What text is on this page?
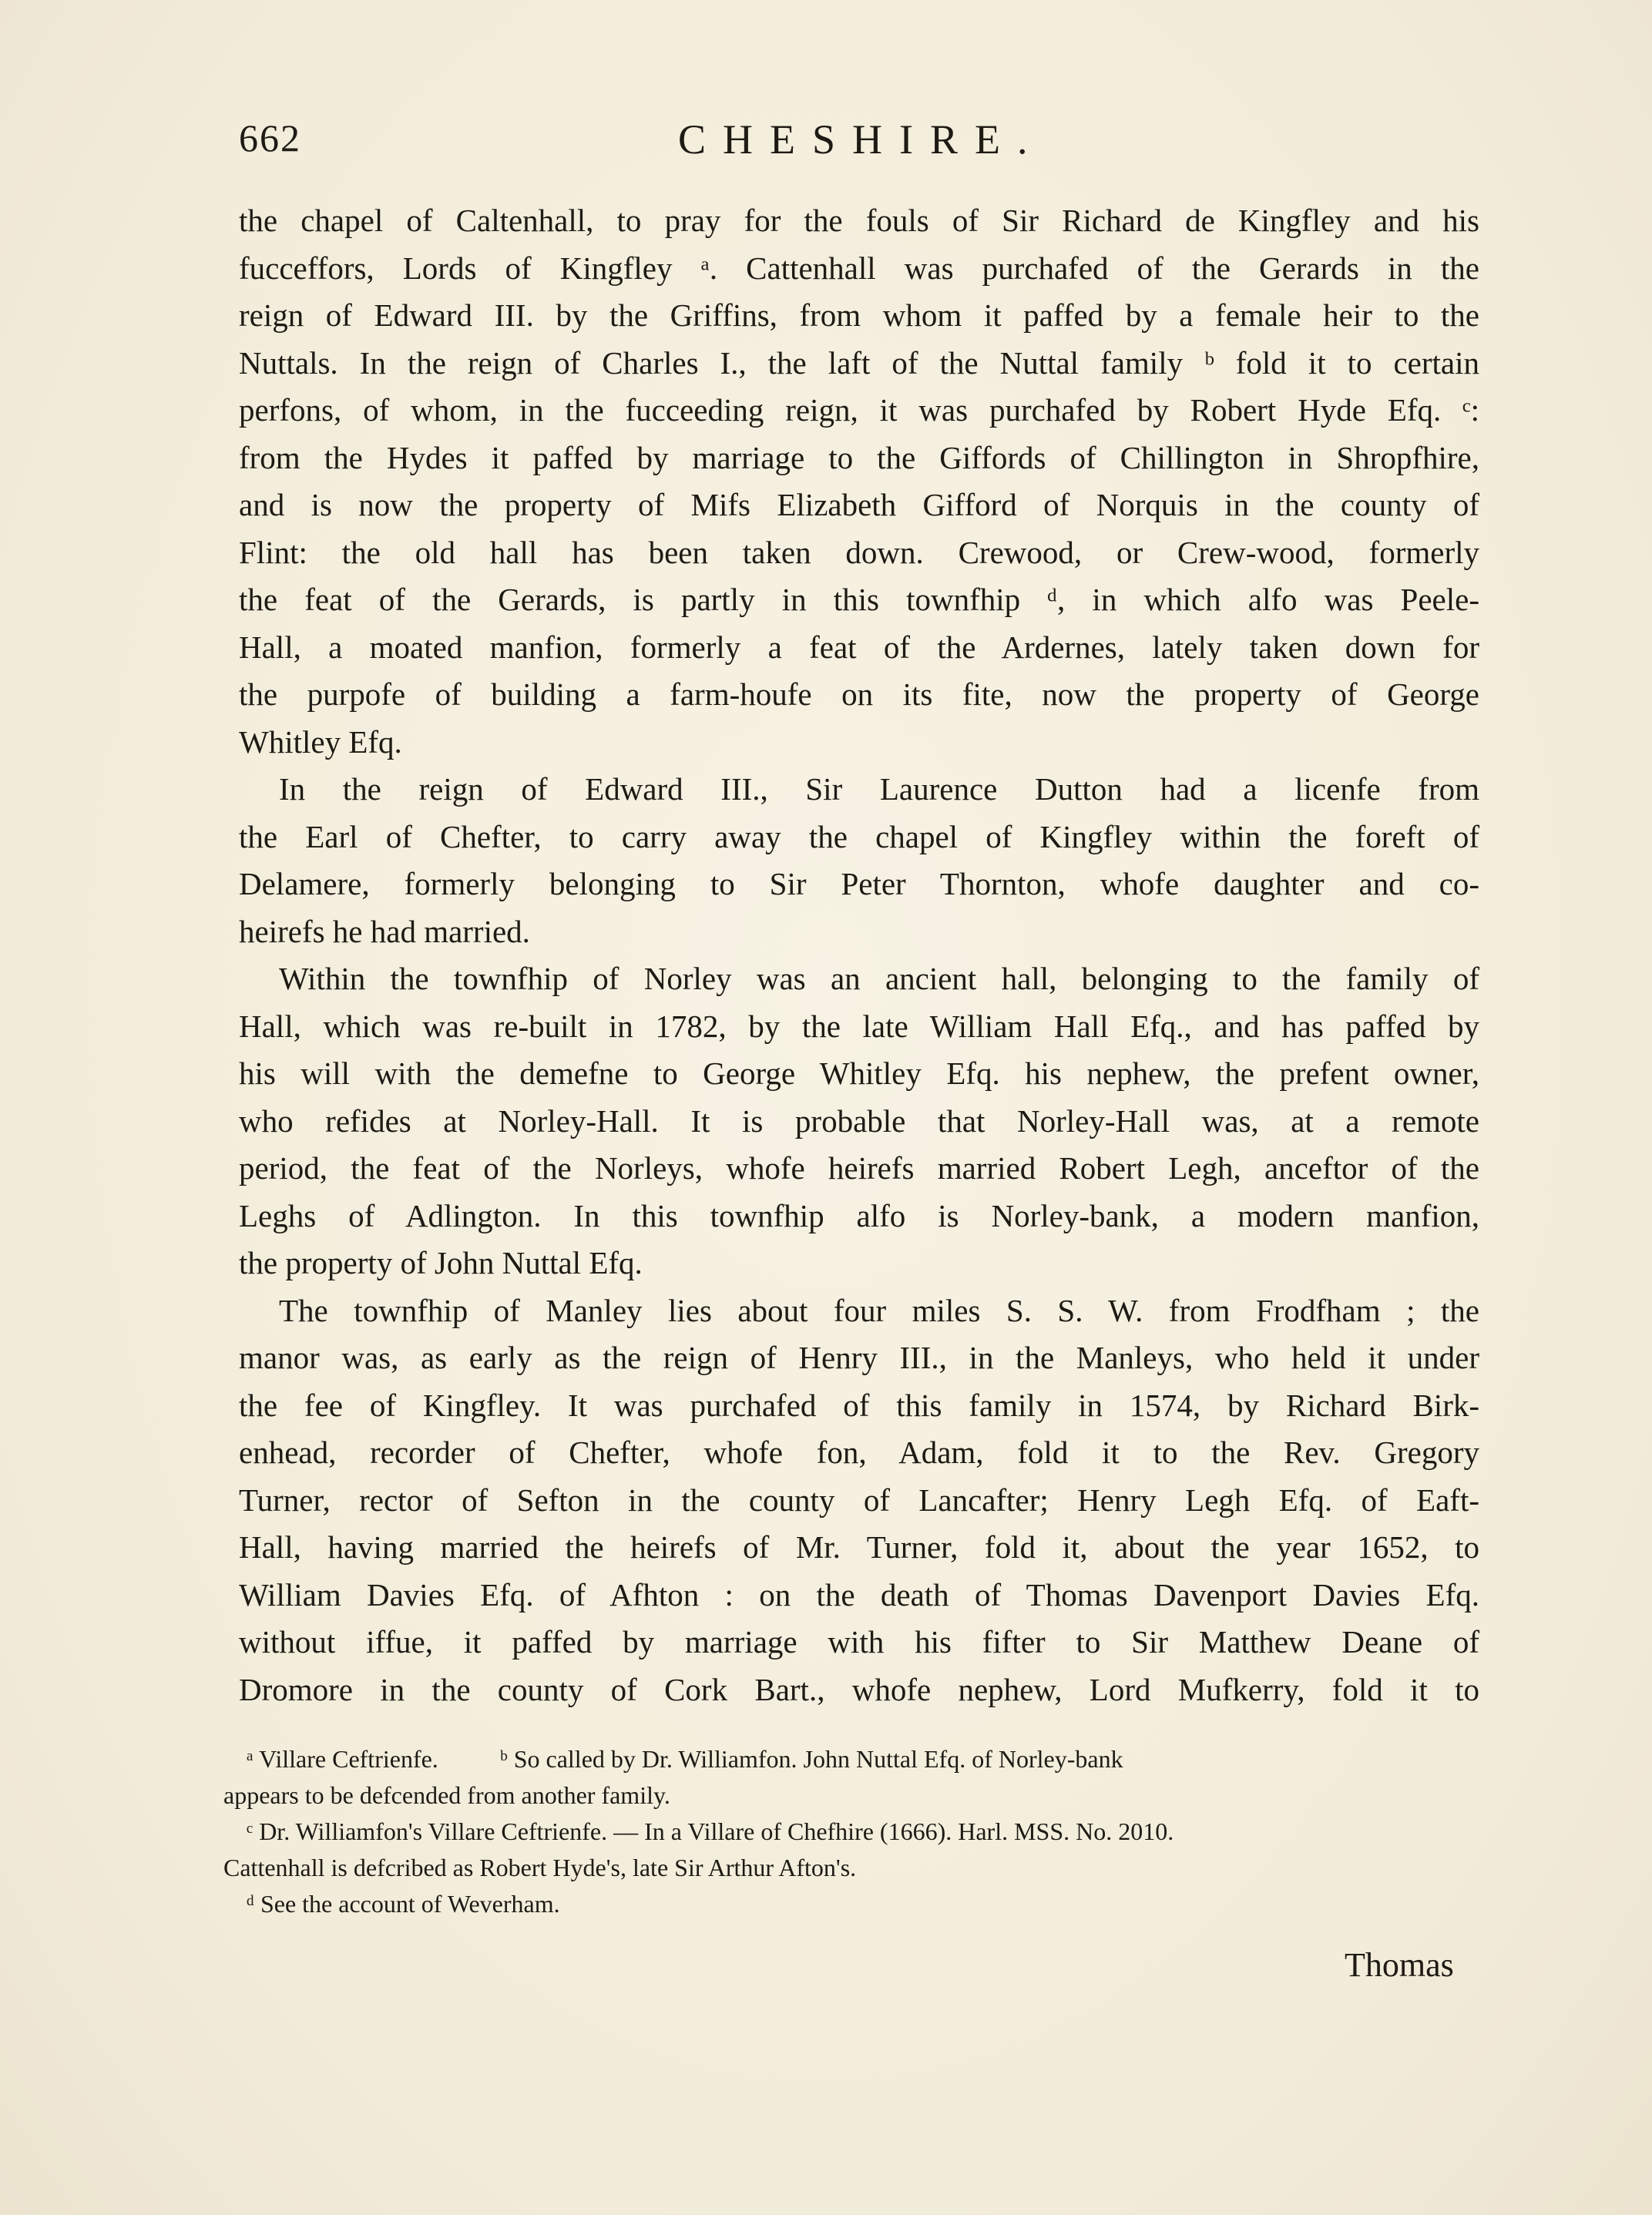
662	CHESHIRE.
the chapel of Caltenhall, to pray for the fouls of Sir Richard de Kingfley and his
fucceffors, Lords of Kingfley ᵃ. Cattenhall was purchafed of the Gerards in the
reign of Edward III. by the Griffins, from whom it paffed by a female heir to the
Nuttals. In the reign of Charles I., the laft of the Nuttal family ᵇ fold it to certain
perfons, of whom, in the fucceeding reign, it was purchafed by Robert Hyde Efq. ᶜ:
from the Hydes it paffed by marriage to the Giffords of Chillington in Shropfhire,
and is now the property of Mifs Elizabeth Gifford of Norquis in the county of
Flint: the old hall has been taken down. Crewood, or Crew-wood, formerly
the feat of the Gerards, is partly in this townfhip ᵈ, in which alfo was Peele-
Hall, a moated manfion, formerly a feat of the Ardernes, lately taken down for
the purpofe of building a farm-houfe on its fite, now the property of George
Whitley Efq.
In the reign of Edward III., Sir Laurence Dutton had a licenfe from
the Earl of Chefter, to carry away the chapel of Kingfley within the foreft of
Delamere, formerly belonging to Sir Peter Thornton, whofe daughter and co-
heirefs he had married.
Within the townfhip of Norley was an ancient hall, belonging to the family of
Hall, which was re-built in 1782, by the late William Hall Efq., and has paffed by
his will with the demefne to George Whitley Efq. his nephew, the prefent owner,
who refides at Norley-Hall. It is probable that Norley-Hall was, at a remote
period, the feat of the Norleys, whofe heirefs married Robert Legh, anceftor of the
Leghs of Adlington. In this townfhip alfo is Norley-bank, a modern manfion,
the property of John Nuttal Efq.
The townfhip of Manley lies about four miles S. S. W. from Frodfham ; the
manor was, as early as the reign of Henry III., in the Manleys, who held it under
the fee of Kingfley. It was purchafed of this family in 1574, by Richard Birk-
enhead, recorder of Chefter, whofe fon, Adam, fold it to the Rev. Gregory
Turner, rector of Sefton in the county of Lancafter; Henry Legh Efq. of Eaft-
Hall, having married the heirefs of Mr. Turner, fold it, about the year 1652, to
William Davies Efq. of Afhton : on the death of Thomas Davenport Davies Efq.
without iffue, it paffed by marriage with his fifter to Sir Matthew Deane of
Dromore in the county of Cork Bart., whofe nephew, Lord Mufkerry, fold it to
ᵃ Villare Ceftrienfe.          ᵇ So called by Dr. Williamfon. John Nuttal Efq. of Norley-bank
appears to be defcended from another family.
ᶜ Dr. Williamfon's Villare Ceftrienfe. — In a Villare of Chefhire (1666). Harl. MSS. No. 2010.
Cattenhall is defcribed as Robert Hyde's, late Sir Arthur Afton's.
ᵈ See the account of Weverham.
Thomas
